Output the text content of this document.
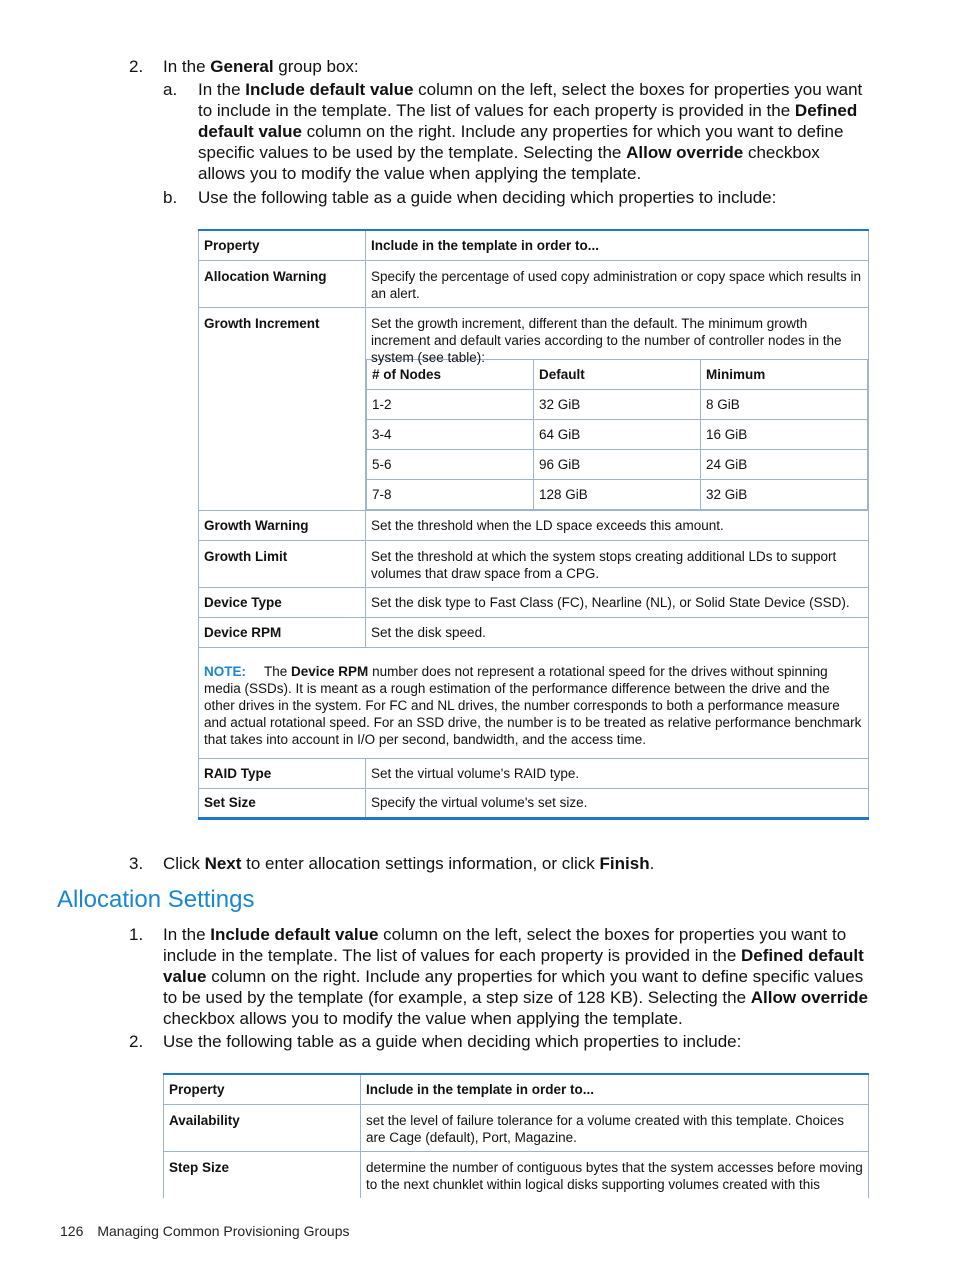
2. In the General group box:
a. In the Include default value column on the left, select the boxes for properties you want to include in the template. The list of values for each property is provided in the Defined default value column on the right. Include any properties for which you want to define specific values to be used by the template. Selecting the Allow override checkbox allows you to modify the value when applying the template.
b. Use the following table as a guide when deciding which properties to include:
Property	Include in the template in order to...
Allocation Warning	Specify the percentage of used copy administration or copy space which results in an alert.
Growth Increment	Set the growth increment, different than the default. The minimum growth increment and default varies according to the number of controller nodes in the system (see table):
# of Nodes	Default	Minimum
1-2	32 GiB	8 GiB
3-4	64 GiB	16 GiB
5-6	96 GiB	24 GiB
7-8	128 GiB	32 GiB

Growth Warning	Set the threshold when the LD space exceeds this amount.
Growth Limit	Set the threshold at which the system stops creating additional LDs to support volumes that draw space from a CPG.
Device Type	Set the disk type to Fast Class (FC), Nearline (NL), or Solid State Device (SSD).
Device RPM	Set the disk speed.
NOTE: The Device RPM number does not represent a rotational speed for the drives without spinning media (SSDs). It is meant as a rough estimation of the performance difference between the drive and the other drives in the system. For FC and NL drives, the number corresponds to both a performance measure and actual rotational speed. For an SSD drive, the number is to be treated as relative performance benchmark that takes into account in I/O per second, bandwidth, and the access time.
RAID Type	Set the virtual volume's RAID type.
Set Size	Specify the virtual volume's set size.
3. Click Next to enter allocation settings information, or click Finish.
Allocation Settings
1. In the Include default value column on the left, select the boxes for properties you want to include in the template. The list of values for each property is provided in the Defined default value column on the right. Include any properties for which you want to define specific values to be used by the template (for example, a step size of 128 KB). Selecting the Allow override checkbox allows you to modify the value when applying the template.
2. Use the following table as a guide when deciding which properties to include:
Property	Include in the template in order to...
Availability	set the level of failure tolerance for a volume created with this template. Choices are Cage (default), Port, Magazine.
Step Size	determine the number of contiguous bytes that the system accesses before moving to the next chunklet within logical disks supporting volumes created with this
126 Managing Common Provisioning Groups
